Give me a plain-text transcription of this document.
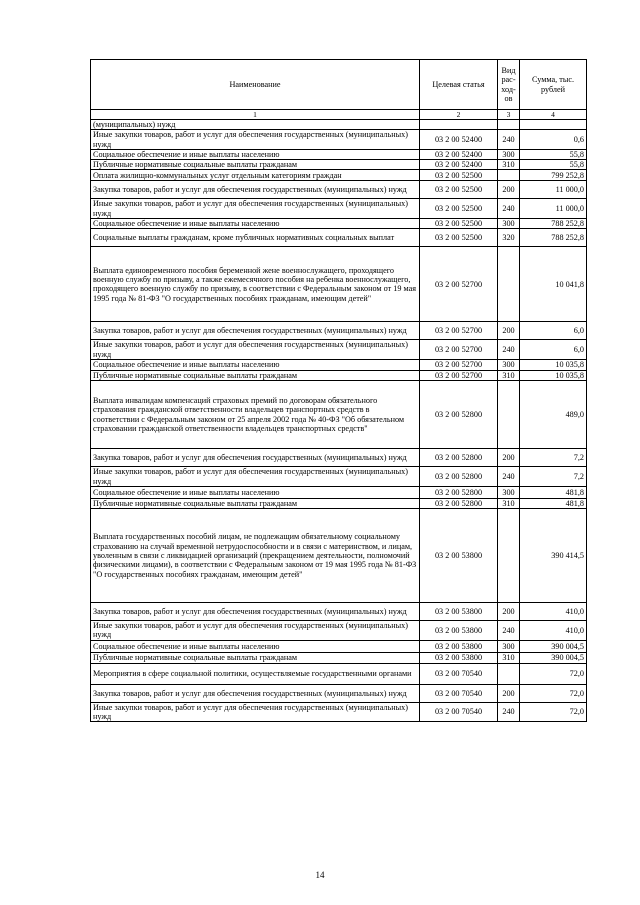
Наименование	Целевая статья	Вид рас-ход-ов	Сумма, тыс. рублей
1	2	3	4
(муниципальных) нужд			
Иные закупки товаров, работ и услуг для обеспечения государственных (муниципальных) нужд	03 2 00 52400	240	0,6
Социальное обеспечение и иные выплаты населению	03 2 00 52400	300	55,8
Публичные нормативные социальные выплаты гражданам	03 2 00 52400	310	55,8
Оплата жилищно-коммунальных услуг отдельным категориям граждан	03 2 00 52500		799 252,8
Закупка товаров, работ и услуг для обеспечения государственных (муниципальных) нужд	03 2 00 52500	200	11 000,0
Иные закупки товаров, работ и услуг для обеспечения государственных (муниципальных) нужд	03 2 00 52500	240	11 000,0
Социальное обеспечение и иные выплаты населению	03 2 00 52500	300	788 252,8
Социальные выплаты гражданам, кроме публичных нормативных социальных выплат	03 2 00 52500	320	788 252,8
Выплата единовременного пособия беременной жене военнослужащего, проходящего военную службу по призыву, а также ежемесячного пособия на ребенка военнослужащего, проходящего военную службу по призыву, в соответствии с Федеральным законом от 19 мая 1995 года № 81-ФЗ "О государственных пособиях гражданам, имеющим детей"	03 2 00 52700		10 041,8
Закупка товаров, работ и услуг для обеспечения государственных (муниципальных) нужд	03 2 00 52700	200	6,0
Иные закупки товаров, работ и услуг для обеспечения государственных (муниципальных) нужд	03 2 00 52700	240	6,0
Социальное обеспечение и иные выплаты населению	03 2 00 52700	300	10 035,8
Публичные нормативные социальные выплаты гражданам	03 2 00 52700	310	10 035,8
Выплата инвалидам компенсаций страховых премий по договорам обязательного страхования гражданской ответственности владельцев транспортных средств в соответствии с Федеральным законом от 25 апреля 2002 года № 40-ФЗ "Об обязательном страховании гражданской ответственности владельцев транспортных средств"	03 2 00 52800		489,0
Закупка товаров, работ и услуг для обеспечения государственных (муниципальных) нужд	03 2 00 52800	200	7,2
Иные закупки товаров, работ и услуг для обеспечения государственных (муниципальных) нужд	03 2 00 52800	240	7,2
Социальное обеспечение и иные выплаты населению	03 2 00 52800	300	481,8
Публичные нормативные социальные выплаты гражданам	03 2 00 52800	310	481,8
Выплата государственных пособий лицам, не подлежащим обязательному социальному страхованию на случай временной нетрудоспособности и в связи с материнством, и лицам, уволенным в связи с ликвидацией организаций (прекращением деятельности, полномочий физическими лицами), в соответствии с Федеральным законом от 19 мая 1995 года № 81-ФЗ "О государственных пособиях гражданам, имеющим детей"	03 2 00 53800		390 414,5
Закупка товаров, работ и услуг для обеспечения государственных (муниципальных) нужд	03 2 00 53800	200	410,0
Иные закупки товаров, работ и услуг для обеспечения государственных (муниципальных) нужд	03 2 00 53800	240	410,0
Социальное обеспечение и иные выплаты населению	03 2 00 53800	300	390 004,5
Публичные нормативные социальные выплаты гражданам	03 2 00 53800	310	390 004,5
Мероприятия в сфере социальной политики, осуществляемые государственными органами	03 2 00 70540		72,0
Закупка товаров, работ и услуг для обеспечения государственных (муниципальных) нужд	03 2 00 70540	200	72,0
Иные закупки товаров, работ и услуг для обеспечения государственных (муниципальных) нужд	03 2 00 70540	240	72,0
14
